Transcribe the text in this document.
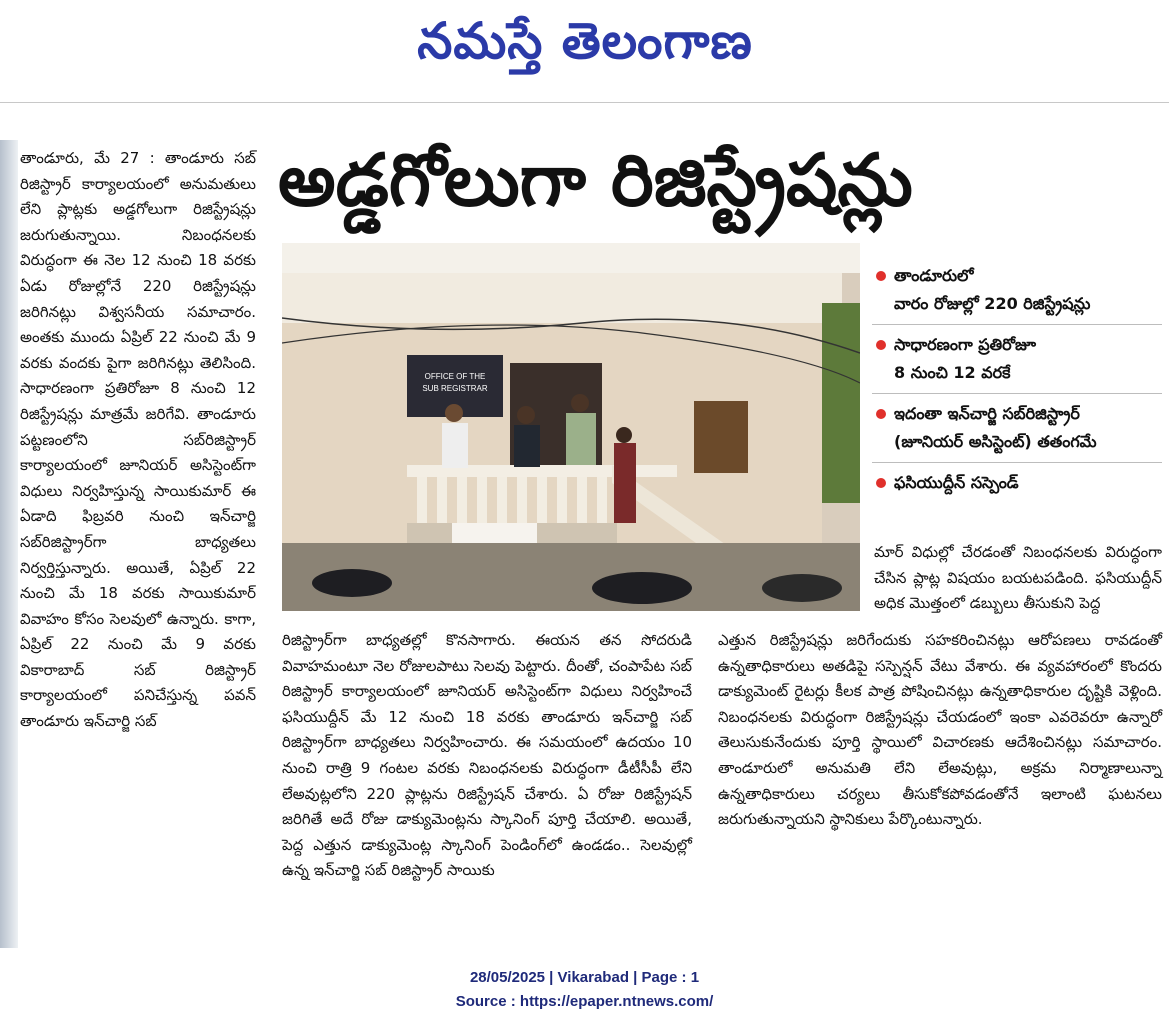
నమస్తే తెలంగాణ
అడ్డగోలుగా రిజిస్ట్రేషన్లు

తాండూరు, మే 27 : తాండూరు సబ్ రిజిస్ట్రార్ కార్యాలయంలో అనుమతులు లేని ప్లాట్లకు అడ్డగోలుగా రిజిస్ట్రేషన్లు జరుగుతున్నాయి. నిబంధనలకు విరుద్ధంగా ఈ నెల 12 నుంచి 18 వరకు ఏడు రోజుల్లోనే 220 రిజిస్ట్రేషన్లు జరిగినట్లు విశ్వసనీయ సమాచారం. అంతకు ముందు ఏప్రిల్ 22 నుంచి మే 9 వరకు వందకు పైగా జరిగినట్లు తెలిసింది. సాధారణంగా ప్రతిరోజూ 8 నుంచి 12 రిజిస్ట్రేషన్లు మాత్రమే జరిగేవి. తాండూరు పట్టణంలోని సబ్‌రిజిస్ట్రార్ కార్యాలయంలో జూనియర్ అసిస్టెంట్‌గా విధులు నిర్వహిస్తున్న సాయికుమార్ ఈ ఏడాది ఫిబ్రవరి నుంచి ఇన్‌చార్జి సబ్‌రిజిస్ట్రార్‌గా బాధ్యతలు నిర్వర్తిస్తున్నారు. అయితే, ఏప్రిల్ 22 నుంచి మే 18 వరకు సాయికుమార్ వివాహం కోసం సెలవులో ఉన్నారు. కాగా, ఏప్రిల్ 22 నుంచి మే 9 వరకు వికారాబాద్ సబ్ రిజిస్ట్రార్ కార్యాలయంలో పనిచేస్తున్న పవన్ తాండూరు ఇన్‌చార్జి సబ్

OFFICE OF THE
SUB REGISTRAR
తాండూరులో
వారం రోజుల్లో 220 రిజిస్ట్రేషన్లు
సాధారణంగా ప్రతిరోజూ
8 నుంచి 12 వరకే
ఇదంతా ఇన్‌చార్జి సబ్‌రిజిస్ట్రార్
(జూనియర్ అసిస్టెంట్) తతంగమే
ఫసియుద్దీన్ సస్పెండ్
మార్ విధుల్లో చేరడంతో నిబంధనలకు విరుద్ధంగా చేసిన ప్లాట్ల విషయం బయటపడింది. ఫసియుద్దీన్ అధిక మొత్తంలో డబ్బులు తీసుకుని పెద్ద
రిజిస్ట్రార్‌గా బాధ్యతల్లో కొనసాగారు. ఈయన తన సోదరుడి వివాహమంటూ నెల రోజులపాటు సెలవు పెట్టారు. దీంతో, చంపాపేట సబ్ రిజిస్ట్రార్ కార్యాలయంలో జూనియర్ అసిస్టెంట్‌గా విధులు నిర్వహించే ఫసియుద్దీన్ మే 12 నుంచి 18 వరకు తాండూరు ఇన్‌చార్జి సబ్ రిజిస్ట్రార్‌గా బాధ్యతలు నిర్వహించారు. ఈ సమయంలో ఉదయం 10 నుంచి రాత్రి 9 గంటల వరకు నిబంధనలకు విరుద్ధంగా డీటీసీపీ లేని లేఅవుట్లలోని 220 ప్లాట్లను రిజిస్ట్రేషన్ చేశారు. ఏ రోజు రిజిస్ట్రేషన్ జరిగితే అదే రోజు డాక్యుమెంట్లను స్కానింగ్ పూర్తి చేయాలి. అయితే, పెద్ద ఎత్తున డాక్యుమెంట్ల స్కానింగ్ పెండింగ్‌లో ఉండడం.. సెలవుల్లో ఉన్న ఇన్‌చార్జి సబ్ రిజిస్ట్రార్ సాయికు
ఎత్తున రిజిస్ట్రేషన్లు జరిగేందుకు సహకరించినట్లు ఆరోపణలు రావడంతో ఉన్నతాధికారులు అతడిపై సస్పెన్షన్ వేటు వేశారు. ఈ వ్యవహారంలో కొందరు డాక్యుమెంట్ రైటర్లు కీలక పాత్ర పోషించినట్లు ఉన్నతాధికారుల దృష్టికి వెళ్లింది. నిబంధనలకు విరుద్ధంగా రిజిస్ట్రేషన్లు చేయడంలో ఇంకా ఎవరెవరూ ఉన్నారో తెలుసుకునేందుకు పూర్తి స్థాయిలో విచారణకు ఆదేశించినట్లు సమాచారం. తాండూరులో అనుమతి లేని లేఅవుట్లు, అక్రమ నిర్మాణాలున్నా ఉన్నతాధికారులు చర్యలు తీసుకోకపోవడంతోనే ఇలాంటి ఘటనలు జరుగుతున్నాయని స్థానికులు పేర్కొంటున్నారు.
28/05/2025 | Vikarabad | Page : 1
Source : https://epaper.ntnews.com/
